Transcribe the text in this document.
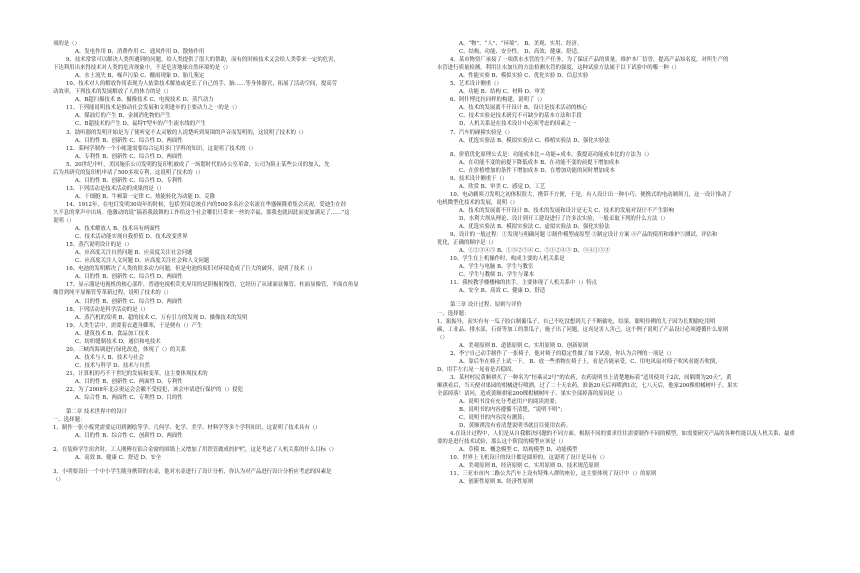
项的是（）
A、发电作用 B、消费作用 C、通风作用 D、散热作用
9、技术常常可以解决人类所遇到的问题，给人类提供了很大的帮助，而有的时候技术又会给人类带来一定的危害，
下达利用出来得技术对人类的危害现象中，不是危害地球自然环境的是（）
A、水土流失 B、噪声污染 C、酸雨现象 D、胎儿鉴定
10、技术对人的解放作用表现为人依靠技术解放或延长了自己的手、脑……等身体器官，拓展了活动空间，提高劳
动效率，下列技术的发展解放了人的体力的是（）
A、B超扫描技术 B、摄像技术 C、电视技术 D、蒸汽动力
11、下列能说明技术是推动社会发展和文明进步的主要动力之一的是（）
A、煤油灯的产生 B、金属消化物的产生
C、B超技术的产生 D、福特T型车的产生流水线的产生
3、助听器的发明开始是为了使听觉不太灵敏的人清楚听到周围的声音而发明的，这说明了技术的（）
A、目的性 B、创新性 C、综合性 D、两面性
12、莱柯学制作一个小帐篷需要综合运用多门学科的知识，这说明了技术的（）
A、专利性 B、创新性 C、综合性 D、两面性
5、20世纪中叶，美国施乐公司发明的复印机被成了一场划时代的办公室革命，公司为阻止某些公司的加入，先
后为其研究的复印机申请了500多项专利，这说明了技术的（）
A、目的性 B、创新性 C、综合性 D、专利性
13、下列活动是技术活动的成果的是（）
A、干细胞 B、牛顿第一定律 C、热能转化为动能 D、克隆
14、1912年，在电灯发明30周年的时候，包括美国总统在内的500多名社会名流在华盛顿隆重集会庆祝，爱迪生在经
久不息的掌声中出场。他激动的说“搞着我鼓舞的工作给这个社会哪们只带来一丝的幸福，那我也就因此而更加满足了……”这
说明（）
A、技术解放人 B、技术具有两面性
C、技术活动能实现自我价值 D、技术改变世界
15、蒸汽说明设计的是（）
A、应高度关注自然问题 B、应高度关注社会问题
C、应高度关注人文问题 D、应高度关注社会和人文问题
16、电池的发明解决了人类的很多动力问题，但是电池的废旧对环境造成了巨大的破坏，说明了技术（）
A、目的性 B、创新性 C、综合性 D、两面性
17、显示器是电视机的核心部件，普通电视机荧光屏用的是阴极射线管，它经历了从球面显像管、柱面显像管，平面直角显
像管到纯平显像管等革新过程，说明了技术的（）
A、目的性 B、创新性 C、综合性 D、两面性
18、下列活动是科学活动的是（）
A、蒸汽机的发明 B、超的技术 C、万有引力的发现 D、摄像技术的发明
19、人类生活中，需要着衣遮身御寒，于是便有（）产生
A、建筑技术 B、食品加工技术
C、纺织缝制技术 D、通信和电技术
20、三峡尚海调进行绿化改造，体现了（）的关系
A、技术与人 B、技术与社会
C、技术与科学 D、技术与自然
21、计算机的巧不干世纪的发展和变革，这主要体现技术的
A、目的性 B、创新性 C、两面性 D、专利性
22、为了2008年北京奥运会会徽不受侵犯，该会申请进行保护的（）侵犯
A、综合性 B、两面性 C、专利性 D、目的性
第二章 技术世界中的设计
一、选择题：
1、制作一张小板凳需要运用到测绘等学、几何学、化学、美学、材料学等多个学科知识，这说明了技术具有（）
A、目的性 B、综合性 C、创新性 D、两面性
2、在装修学生宿舍时，工人刚傅在铝合金窗的围墙上又增加了用铁管做成的护栏，这是考虑了人机关系的什么目标（）
A、高效 B、健康 C、舒适 D、安全
3、小明要设计一个中小学生随身携带的水壶，他对水壶进行了设计分析，你认为对产品进行设计分析应考虑的因素是
（）
A、“物”、“人”、“环境”。 B、美观、实用、经济。
C、结构、功能、安全性。 D、高效、健康、舒适。
4、某市物资厂承接了一项供水水管的生产任务，为了保证产品的质量，维护本厂信誉，提高产品知名度，对所生产的
水管进行质量检测，利用注水加压的方法检测水管的强度，这种试验方法属于以下试验中的哪一种（）
A、性能实验 B、模拟实验 C、优化实验 D、信息实验
5、艺术设计侧重（）
A、功能 B、结构 C、材料 D、审美
6、阿什博比拉同样的构建，说明了（）
A、技术的发展离不开设计 B、设计是技术活动的核心
C、技术实验是技术研究不可缺少的基本方法和手段
D、人机关系是在技术设计中必须考虑的因素之一
7、汽车的碰撞实验是（）
A、优选实验法 B、模拟实验法 C、移植实验法 D、强化实验法
8、价值优化原理公式是：功能成本比＝功能÷成本，我提高功能成本比的方法为（）
A、在功能不变的前提下降低成本 B、在功能不变的前提下增加成本
C、在价格增加的条件下增加成本 D、在增加功能的同时增加成本
9、技术设计侧重于（）
A、欣赏 B、审美 C、感觉 D、工艺
10、电动剃须刀发明之初体积很大，携带不方便，于是，有人设计出一种小巧、便携式的电动剃须刀，这一设计推动了
电机微型化技术的发展，说明（）
A、技术的发展离不开设计 B、技术的发展和设计是无关 C、技术的发展对设计不产生影响
D、水利大坝从理论、设计到开工建设进行了许多次实验，一般采取下列的什么方法（）
A、优选实验法 B、模拟实验法 C、虚拟实验法 D、强化实验法
9、设计的一般过程：①发现与明确问题 ②制作模型或原型 ③制定设计方案 ④产品的使用和维护⑤测试、评估和
优化，正确的顺序是（）
A、①②③④⑤ B、①③②⑤④ C、⑤①②④⑤ D、⑤④①⑤③
10、学生在上机操作时，构成主要的人机关系是
A、学生与电脑 B、学生与教室
C、学生与教师 D、学生与课本
11、我校教学楼楼梯的扶手，主要体现了人机关系中（）特点
A、安全 B、高效 C、健康 D、舒适
第三章 设计过程、原则与评价
一、选择题：
1、振振导，而实有有一瓜子胶白制葡瓜子，自己不吃没想到儿子不断偷吃，结果，聪明伶俐的儿子因为长期偷吃用明
碳，工业品、排水部，石膏等加工的墨瓜子，施子出了问题，这真是害人害己，这个例子说明了产品设计必须遵循什么原则
（）
A、美观原则 B、道德原则 C、实用原则 D、创新原则
2、李宁自己动手制作了一张椅子，他对椅子的稳定性做了如下试验，你认为合理的一项是（）
A、靠后坐在椅子上试一下。 B、放一些重物在椅子上，看是否能承受。C、用电风扇对椅子吹风看能否吹倒，
D、用手左右晃一晃看是否稳固。
3、某村村民黄顺祺买了一种名为“恒乘灵2号”的农药，农药说明书上清楚地标着“适用使用于2次，间隔期为20天”，黄
顺祺看后，当天便对果园的柑橘进行喷洒，过了二十天农药，准备20天后再喷洒1次，七八天后，他家200棵柑橘树叶子、果实
全部掉落！请问，造成黄顺祺家200棵柑橘树叶子、果实全部掉落的原因是（）
A、说明书没有充分考虑用户的阅读需要；
B、说明书的内容遵循不清楚，“说明不明”；
C、说明书的内容没有测算；
D、黄顺祺没有看清楚说明书就盲目使用农药。
4.在设计过程中，人们是从自我解决问题的不同方面。根据不同的要求往往需要制作不同的模型。如需要研究产品的各种性能以及人机关系，最重
要的是进行技术试验，那么这个阶段的模型应该是（）
A、草模 B、概念模型 C、结构模型 D、功能模型
10、世界上飞机设计的设计都是圆形的，这说明了设计是具有（）
A、美观原则 B、经济原则 C、实用原则 D、技术规范原则
11、三亚市市内二路公共汽车上设有特殊人群的座位，这主要体现了设计中（）的原则
A、创新性原则 B、经济性原则
